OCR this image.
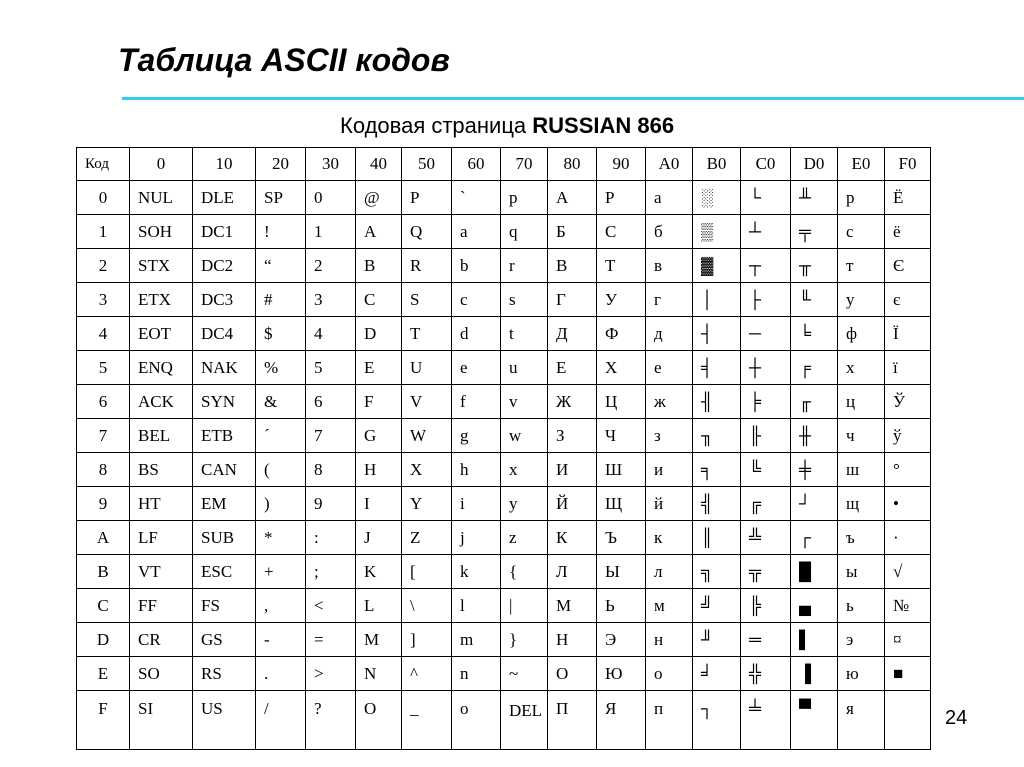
Таблица ASCII кодов
Кодовая страница RUSSIAN 866
Код	0	10	20	30	40	50	60	70	80	90	A0	B0	C0	D0	E0	F0
0	NUL	DLE	SP	0	@	P	`	p	А	Р	а	░	└	╨	р	Ё
1	SOH	DC1	!	1	A	Q	a	q	Б	С	б	▒	┴	╤	с	ё
2	STX	DC2	“	2	B	R	b	r	В	Т	в	▓	┬	╥	т	Є
3	ETX	DC3	#	3	C	S	c	s	Г	У	г	│	├	╙	у	є
4	EOT	DC4	$	4	D	T	d	t	Д	Ф	д	┤	─	╘	ф	Ї
5	ENQ	NAK	%	5	E	U	e	u	Е	Х	е	╡	┼	╒	х	ї
6	ACK	SYN	&	6	F	V	f	v	Ж	Ц	ж	╢	╞	╓	ц	Ў
7	BEL	ETB	´	7	G	W	g	w	З	Ч	з	╖	╟	╫	ч	ў
8	BS	CAN	(	8	H	X	h	x	И	Ш	и	╕	╚	╪	ш	°
9	HT	EM	)	9	I	Y	i	y	Й	Щ	й	╣	╔	┘	щ	•
A	LF	SUB	*	:	J	Z	j	z	К	Ъ	к	║	╩	┌	ъ	·
B	VT	ESC	+	;	K	[	k	{	Л	Ы	л	╗	╦	█	ы	√
C	FF	FS	,	<	L	\	l	|	М	Ь	м	╝	╠	▄	ь	№
D	CR	GS	-	=	M	]	m	}	Н	Э	н	╜	═	▌	э	¤
E	SO	RS	.	>	N	^	n	~	О	Ю	о	╛	╬	▐	ю	■
F	SI	US	/	?	O	_	o	DEL	П	Я	п	┐	╧	▀	я		24
